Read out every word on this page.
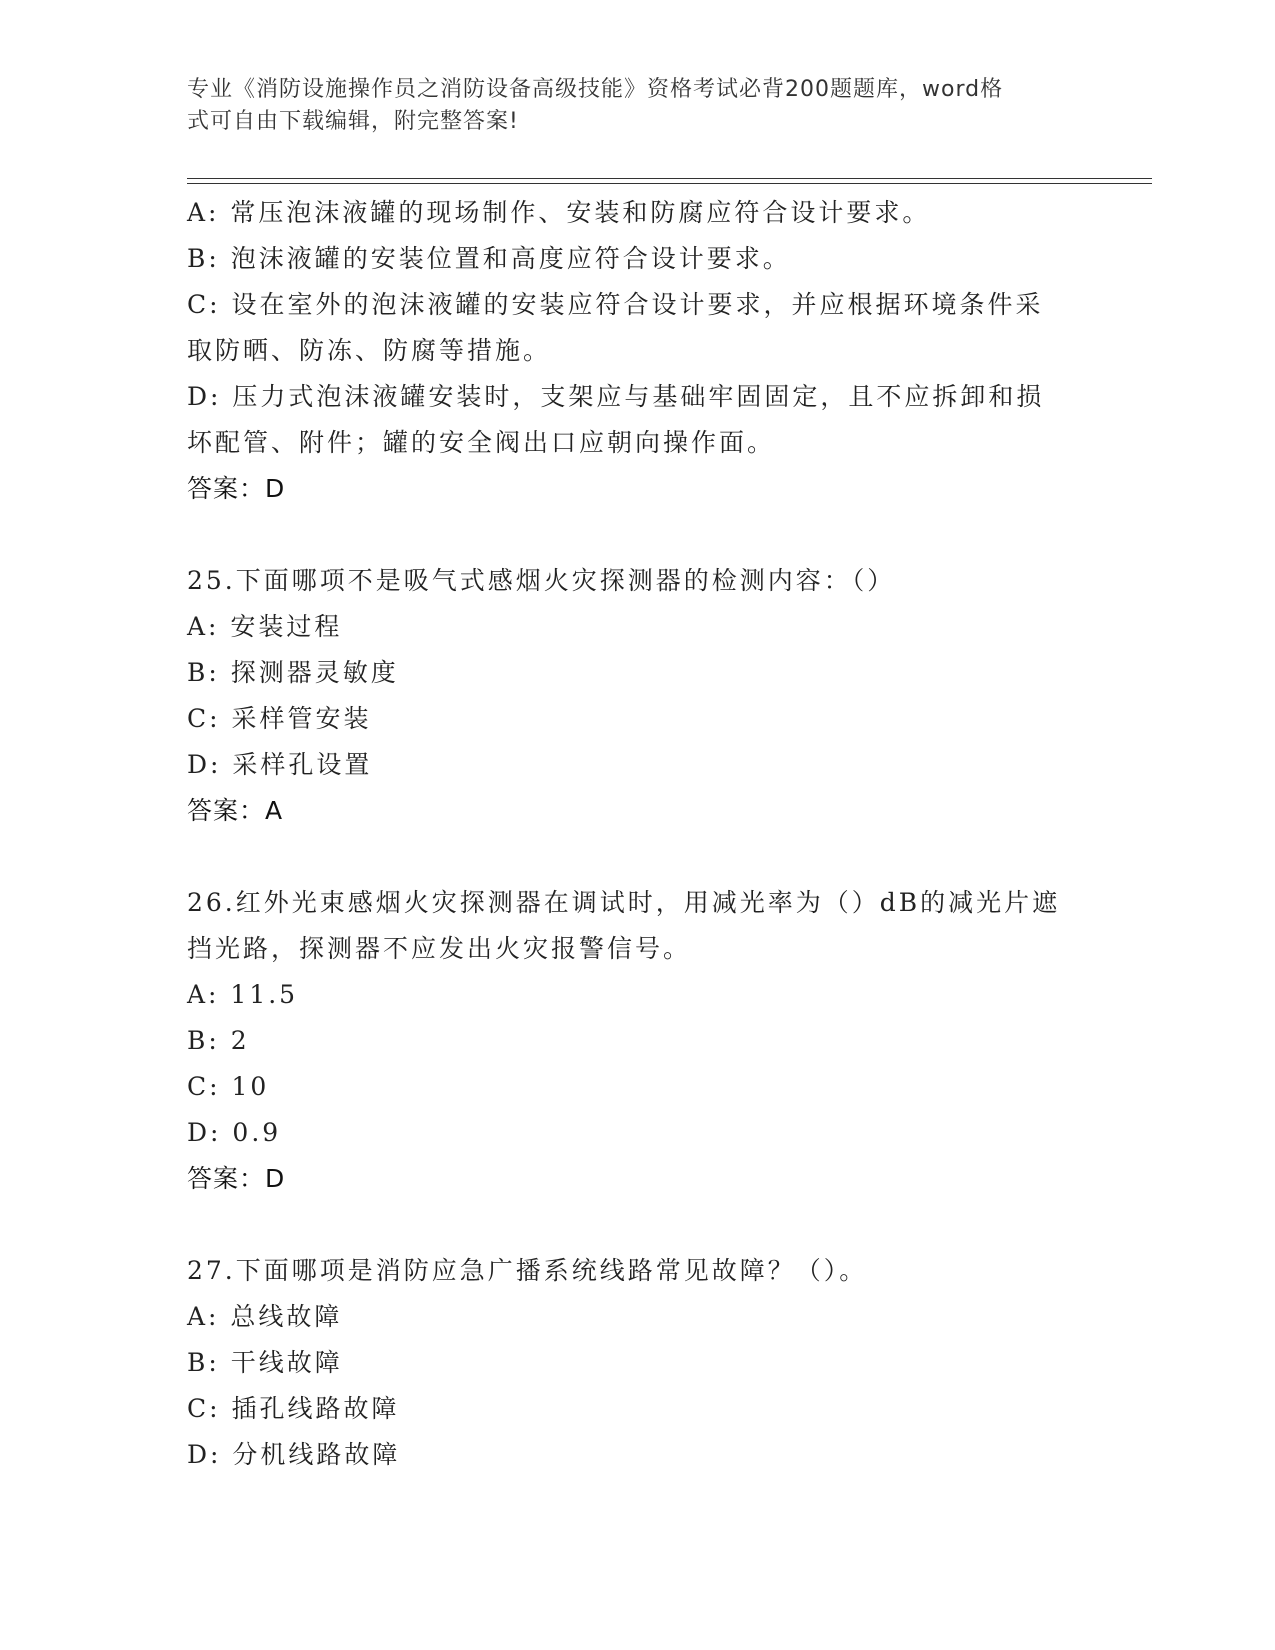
专业《消防设施操作员之消防设备高级技能》资格考试必背200题题库，word格
式可自由下载编辑，附完整答案!
A: 常压泡沫液罐的现场制作、安装和防腐应符合设计要求。
B: 泡沫液罐的安装位置和高度应符合设计要求。
C: 设在室外的泡沫液罐的安装应符合设计要求，并应根据环境条件采
取防晒、防冻、防腐等措施。
D: 压力式泡沫液罐安装时，支架应与基础牢固固定，且不应拆卸和损
坏配管、附件；罐的安全阀出口应朝向操作面。
答案：D
25.下面哪项不是吸气式感烟火灾探测器的检测内容：（）
A: 安装过程
B: 探测器灵敏度
C: 采样管安装
D: 采样孔设置
答案：A
26.红外光束感烟火灾探测器在调试时，用减光率为（）dB的减光片遮
挡光路，探测器不应发出火灾报警信号。
A: 11.5
B: 2
C: 10
D: 0.9
答案：D
27.下面哪项是消防应急广播系统线路常见故障？（）。
A: 总线故障
B: 干线故障
C: 插孔线路故障
D: 分机线路故障
